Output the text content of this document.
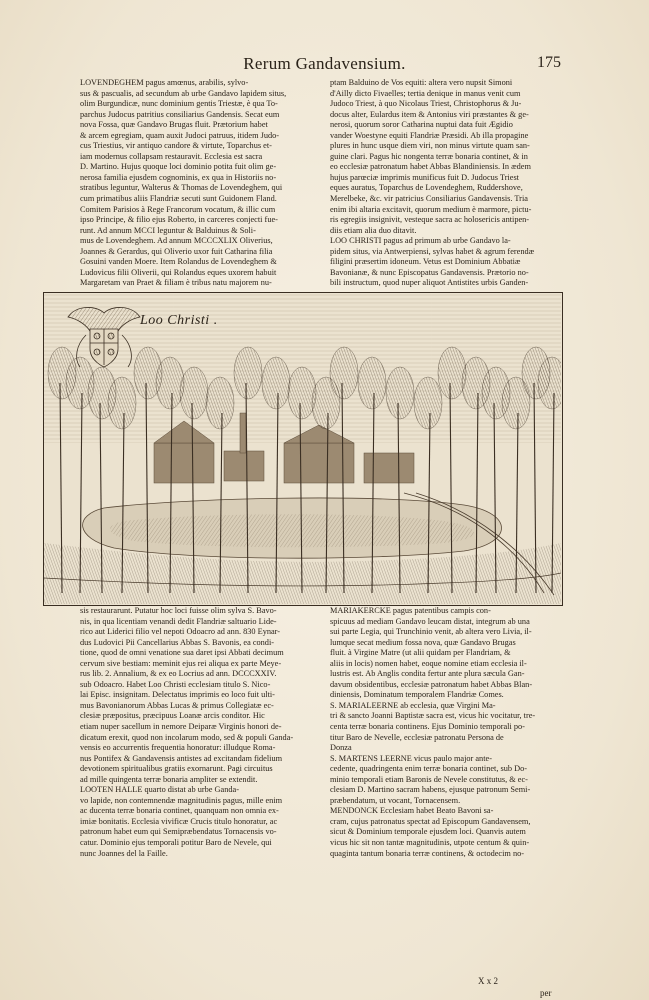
Rerum Gandavensium.	175

LOVENDEGHEM pagus amœnus, arabilis, sylvo-

sus & pascualis, ad secundum ab urbe Gandavo lapidem situs,

olim Burgundicæ, nunc dominium gentis Triestæ, è qua To-

parchus Judocus patritius consiliarius Gandensis. Secat eum

nova Fossa, quæ Gandavo Brugas fluit. Prætorium habet

& arcem egregiam, quam auxit Judoci patruus, itidem Judo-

cus Triestius, vir antiquo candore & virtute, Toparchus et-

iam modernus collapsam restauravit. Ecclesia est sacra

D. Martino. Hujus quoque loci dominio potita fuit olim ge-

nerosa familia ejusdem cognominis, ex qua in Historiis no-

stratibus leguntur, Walterus & Thomas de Lovendeghem, qui

cum primatibus aliis Flandriæ secuti sunt Guidonem Fland.

Comitem Parisios à Rege Francorum vocatum, & illic cum

ipso Principe, & filio ejus Roberto, in carceres conjecti fue-

runt. Ad annum MCCI leguntur & Balduinus & Soli-

mus de Lovendeghem. Ad annum MCCCXLIX Oliverius,

Joannes & Gerardus, qui Oliverio uxor fuit Catharina filia

Gosuini vanden Moere. Item Rolandus de Lovendeghem &

Ludovicus filii Oliverii, qui Rolandus eques uxorem habuit

Margaretam van Praet & filiam è tribus natu majorem nu-

ptam Balduino de Vos equiti: altera vero nupsit Simoni

d'Ailly dicto Fivaelles; tertia denique in manus venit cum

Judoco Triest, à quo Nicolaus Triest, Christophorus & Ju-

docus alter, Eulardus item & Antonius viri præstantes & ge-

nerosi, quorum soror Catharina nuptui data fuit Ægidio

vander Woestyne equiti Flandriæ Præsidi. Ab illa propagine

plures in hunc usque diem viri, non minus virtute quam san-

guine clari. Pagus hic nongenta terræ bonaria continet, & in

eo ecclesiæ patronatum habet Abbas Blandiniensis. In ædem

hujus parœciæ imprimis munificus fuit D. Judocus Triest

eques auratus, Toparchus de Lovendeghem, Ruddershove,

Merelbeke, &c. vir patricius Consiliarius Gandavensis. Tria

enim ibi altaria excitavit, quorum medium è marmore, pictu-

ris egregiis insignivit, vesteque sacra ac holosericis antipen-

diis etiam alia duo ditavit.

LOO CHRISTI pagus ad primum ab urbe Gandavo la-

pidem situs, via Antwerpiensi, sylvas habet & agrum ferendæ

filigini præsertim idoneum. Vetus est Dominium Abbatiæ

Bavonianæ, & nunc Episcopatus Gandavensis. Prætorio no-

bili instructum, quod nuper aliquot Antistites urbis Ganden-

Loo Christi .

sis restaurarunt. Putatur hoc loci fuisse olim sylva S. Bavo-

nis, in qua licentiam venandi dedit Flandriæ saltuario Lide-

rico aut Liderici filio vel nepoti Odoacro ad ann. 830 Eynar-

dus Ludovici Pii Cancellarius Abbas S. Bavonis, ea condi-

tione, quod de omni venatione sua daret ipsi Abbati decimum

cervum sive bestiam: meminit ejus rei aliqua ex parte Meye-

rus lib. 2. Annalium, & ex eo Locrius ad ann. DCCCXXIV.

sub Odoacro. Habet Loo Christi ecclesiam titulo S. Nico-

lai Episc. insignitam. Delectatus imprimis eo loco fuit ulti-

mus Bavonianorum Abbas Lucas & primus Collegiatæ ec-

clesiæ præpositus, præcipuus Loanæ arcis conditor. Hic

etiam nuper sacellum in nemore Deiparæ Virginis honori de-

dicatum erexit, quod non incolarum modo, sed & populi Ganda-

vensis eo accurrentis frequentia honoratur: illudque Roma-

nus Pontifex & Gandavensis antistes ad excitandam fidelium

devotionem spiritualibus gratiis exornarunt. Pagi circuitus

ad mille quingenta terræ bonaria ampliter se extendit.

LOOTEN HALLE quarto distat ab urbe Ganda-

vo lapide, non contemnendæ magnitudinis pagus, mille enim

ac ducenta terræ bonaria continet, quanquam non omnia ex-

imiæ bonitatis. Ecclesia vivificæ Crucis titulo honoratur, ac

patronum habet eum qui Semipræbendatus Tornacensis vo-

catur. Dominio ejus temporali potitur Baro de Nevele, qui

nunc Joannes del la Faille.

MARIAKERCKE pagus patentibus campis con-

spicuus ad mediam Gandavo leucam distat, integrum ab una

sui parte Legia, qui Trunchinio venit, ab altera vero Livia, il-

lumque secat medium fossa nova, quæ Gandavo Brugas

fluit. à Virgine Matre (ut alii quidam per Flandriam, &

aliis in locis) nomen habet, eoque nomine etiam ecclesia il-

lustris est. Ab Anglis condita fertur ante plura sæcula Gan-

davum obsidentibus, ecclesiæ patronatum habet Abbas Blan-

diniensis, Dominatum temporalem Flandriæ Comes.

S. MARIALEERNE ab ecclesia, quæ Virgini Ma-

tri & sancto Joanni Baptistæ sacra est, vicus hic vocitatur, tre-

centa terræ bonaria continens. Ejus Dominio temporali po-

titur Baro de Nevelle, ecclesiæ patronatu Persona de

Donza

S. MARTENS LEERNE vicus paulo major ante-

cedente, quadringenta enim terræ bonaria continet, sub Do-

minio temporali etiam Baronis de Nevele constitutus, & ec-

clesiam D. Martino sacram habens, ejusque patronum Semi-

præbendatum, ut vocant, Tornacensem.

MENDONCK Ecclesiam habet Beato Bavoni sa-

cram, cujus patronatus spectat ad Episcopum Gandavensem,

sicut & Dominium temporale ejusdem loci. Quanvis autem

vicus hic sit non tantæ magnitudinis, utpote centum & quin-

quaginta tantum bonaria terræ continens, & octodecim no-

X x 2
per
